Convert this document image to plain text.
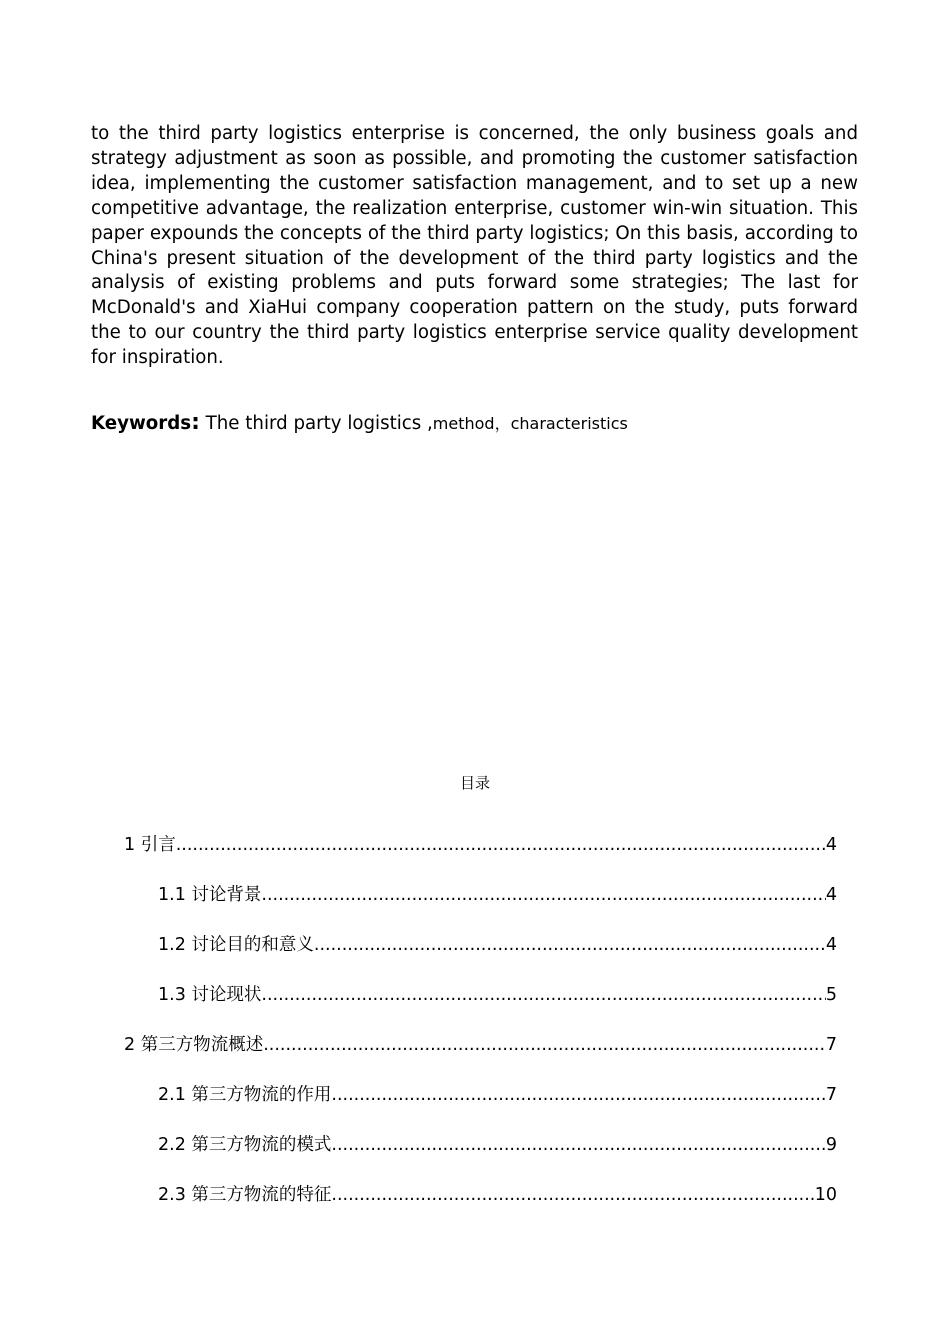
to the third party logistics enterprise is concerned, the only business goals and strategy adjustment as soon as possible, and promoting the customer satisfaction idea, implementing the customer satisfaction management, and to set up a new competitive advantage, the realization enterprise, customer win-win situation. This paper expounds the concepts of the third party logistics; On this basis, according to China's present situation of the development of the third party logistics and the analysis of existing problems and puts forward some strategies; The last for McDonald's and XiaHui company cooperation pattern on the study, puts forward the to our country the third party logistics enterprise service quality development for inspiration.

Keywords: The third party logistics ,method，characteristics
目录
1 引言 .....	4
1.1 讨论背景 .....	4
1.2 讨论目的和意义 .....	4
1.3 讨论现状 .....	5
2 第三方物流概述 .....	7
2.1 第三方物流的作用 .....	7
2.2 第三方物流的模式 .....	9
2.3 第三方物流的特征 .....	10
